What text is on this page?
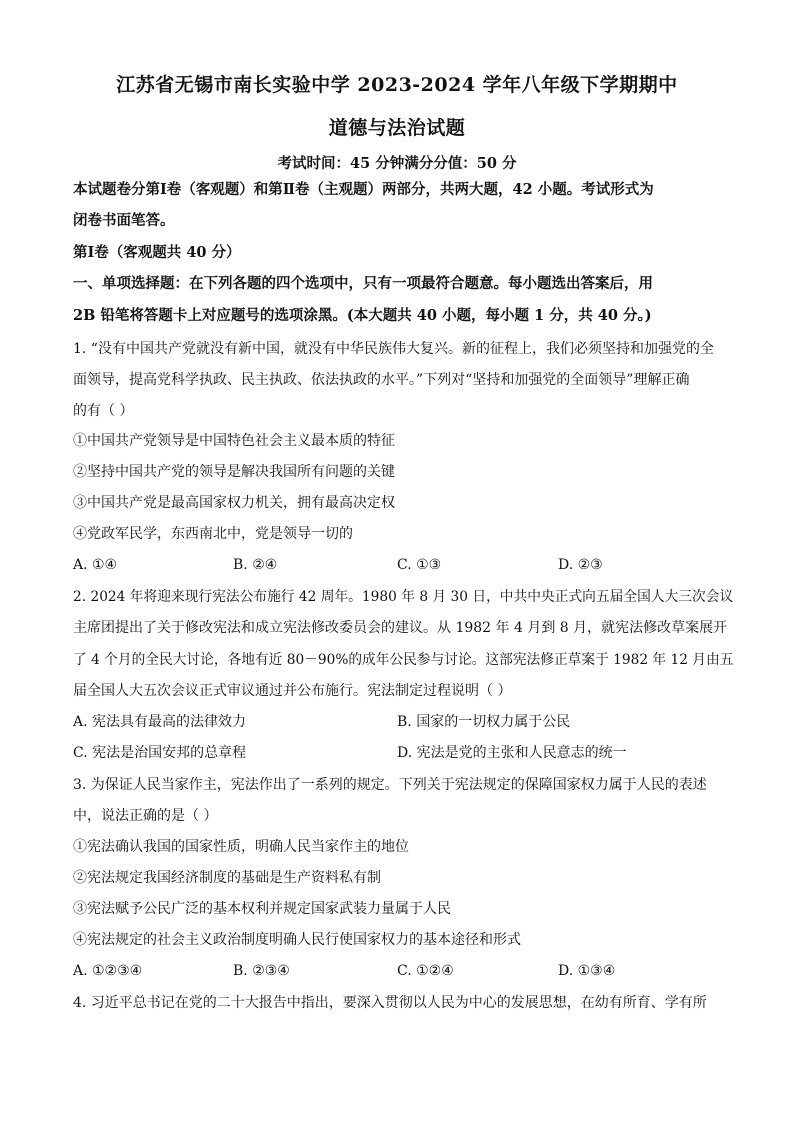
江苏省无锡市南长实验中学 2023-2024 学年八年级下学期期中
道德与法治试题
考试时间：45 分钟满分分值：50 分
本试题卷分第Ⅰ卷（客观题）和第Ⅱ卷（主观题）两部分，共两大题，42 小题。考试形式为
闭卷书面笔答。
第Ⅰ卷（客观题共 40 分）
一、单项选择题：在下列各题的四个选项中，只有一项最符合题意。每小题选出答案后，用
2B 铅笔将答题卡上对应题号的选项涂黑。(本大题共 40 小题，每小题 1 分，共 40 分。)
1. “没有中国共产党就没有新中国，就没有中华民族伟大复兴。新的征程上，我们必须坚持和加强党的全
面领导，提高党科学执政、民主执政、依法执政的水平。”下列对“坚持和加强党的全面领导”理解正确
的有（ ）
①中国共产党领导是中国特色社会主义最本质的特征
②坚持中国共产党的领导是解决我国所有问题的关键
③中国共产党是最高国家权力机关，拥有最高决定权
④党政军民学，东西南北中，党是领导一切的
A. ①④	B. ②④	C. ①③	D. ②③
2. 2024 年将迎来现行宪法公布施行 42 周年。1980 年 8 月 30 日，中共中央正式向五届全国人大三次会议
主席团提出了关于修改宪法和成立宪法修改委员会的建议。从 1982 年 4 月到 8 月，就宪法修改草案展开
了 4 个月的全民大讨论，各地有近 80－90%的成年公民参与讨论。这部宪法修正草案于 1982 年 12 月由五
届全国人大五次会议正式审议通过并公布施行。宪法制定过程说明（ ）
A. 宪法具有最高的法律效力	B. 国家的一切权力属于公民
C. 宪法是治国安邦的总章程	D. 宪法是党的主张和人民意志的统一
3. 为保证人民当家作主，宪法作出了一系列的规定。下列关于宪法规定的保障国家权力属于人民的表述
中，说法正确的是（ ）
①宪法确认我国的国家性质，明确人民当家作主的地位
②宪法规定我国经济制度的基础是生产资料私有制
③宪法赋予公民广泛的基本权利并规定国家武装力量属于人民
④宪法规定的社会主义政治制度明确人民行使国家权力的基本途径和形式
A. ①②③④	B. ②③④	C. ①②④	D. ①③④
4. 习近平总书记在党的二十大报告中指出，要深入贯彻以人民为中心的发展思想，在幼有所育、学有所
